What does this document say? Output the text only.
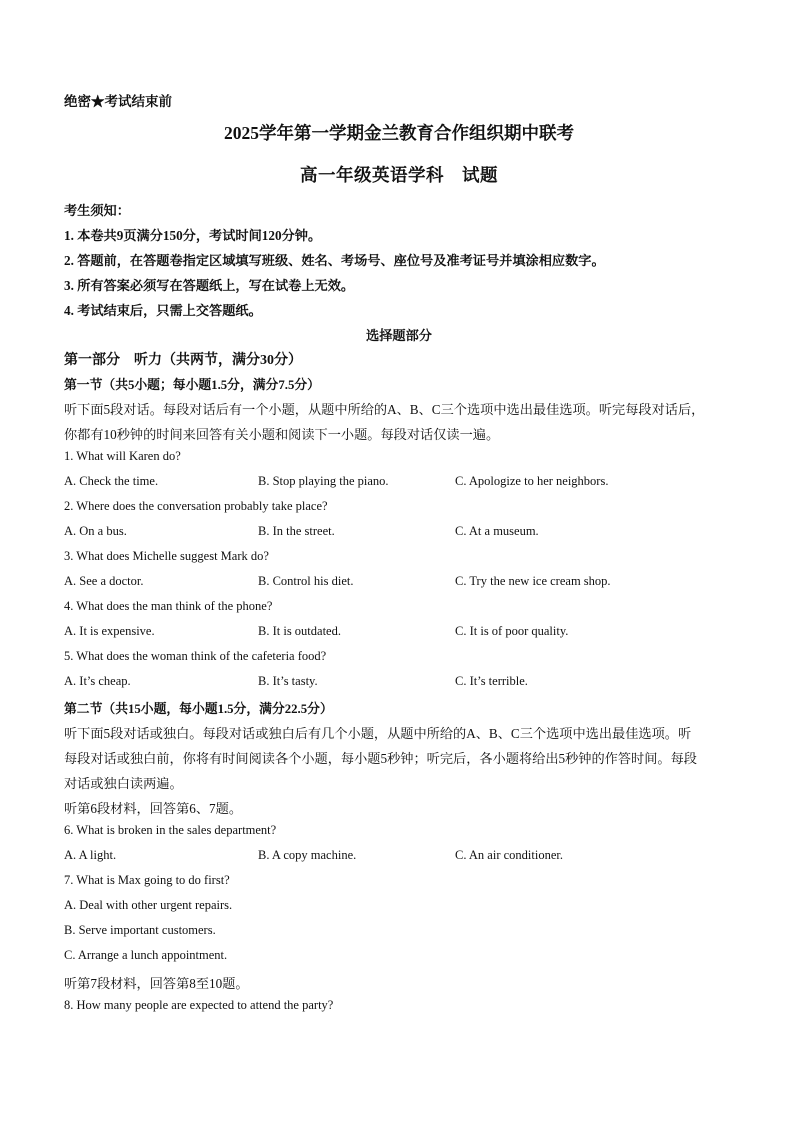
绝密★考试结束前
2025学年第一学期金兰教育合作组织期中联考
高一年级英语学科　试题
考生须知：
1. 本卷共9页满分150分，考试时间120分钟。
2. 答题前，在答题卷指定区域填写班级、姓名、考场号、座位号及准考证号并填涂相应数字。
3. 所有答案必须写在答题纸上，写在试卷上无效。
4. 考试结束后，只需上交答题纸。
选择题部分
第一部分　听力（共两节，满分30分）
第一节（共5小题；每小题1.5分，满分7.5分）
听下面5段对话。每段对话后有一个小题，从题中所给的A、B、C三个选项中选出最佳选项。听完每段对话后，
你都有10秒钟的时间来回答有关小题和阅读下一小题。每段对话仅读一遍。
1. What will Karen do?
A. Check the time.	B. Stop playing the piano.	C. Apologize to her neighbors.
2. Where does the conversation probably take place?
A. On a bus.	B. In the street.	C. At a museum.
3. What does Michelle suggest Mark do?
A. See a doctor.	B. Control his diet.	C. Try the new ice cream shop.
4. What does the man think of the phone?
A. It is expensive.	B. It is outdated.	C. It is of poor quality.
5. What does the woman think of the cafeteria food?
A. It’s cheap.	B. It’s tasty.	C. It’s terrible.
第二节（共15小题，每小题1.5分，满分22.5分）
听下面5段对话或独白。每段对话或独白后有几个小题，从题中所给的A、B、C三个选项中选出最佳选项。听
每段对话或独白前，你将有时间阅读各个小题，每小题5秒钟；听完后，各小题将给出5秒钟的作答时间。每段
对话或独白读两遍。
听第6段材料，回答第6、7题。
6. What is broken in the sales department?
A. A light.	B. A copy machine.	C. An air conditioner.
7. What is Max going to do first?
A. Deal with other urgent repairs.
B. Serve important customers.
C. Arrange a lunch appointment.
听第7段材料，回答第8至10题。
8. How many people are expected to attend the party?
